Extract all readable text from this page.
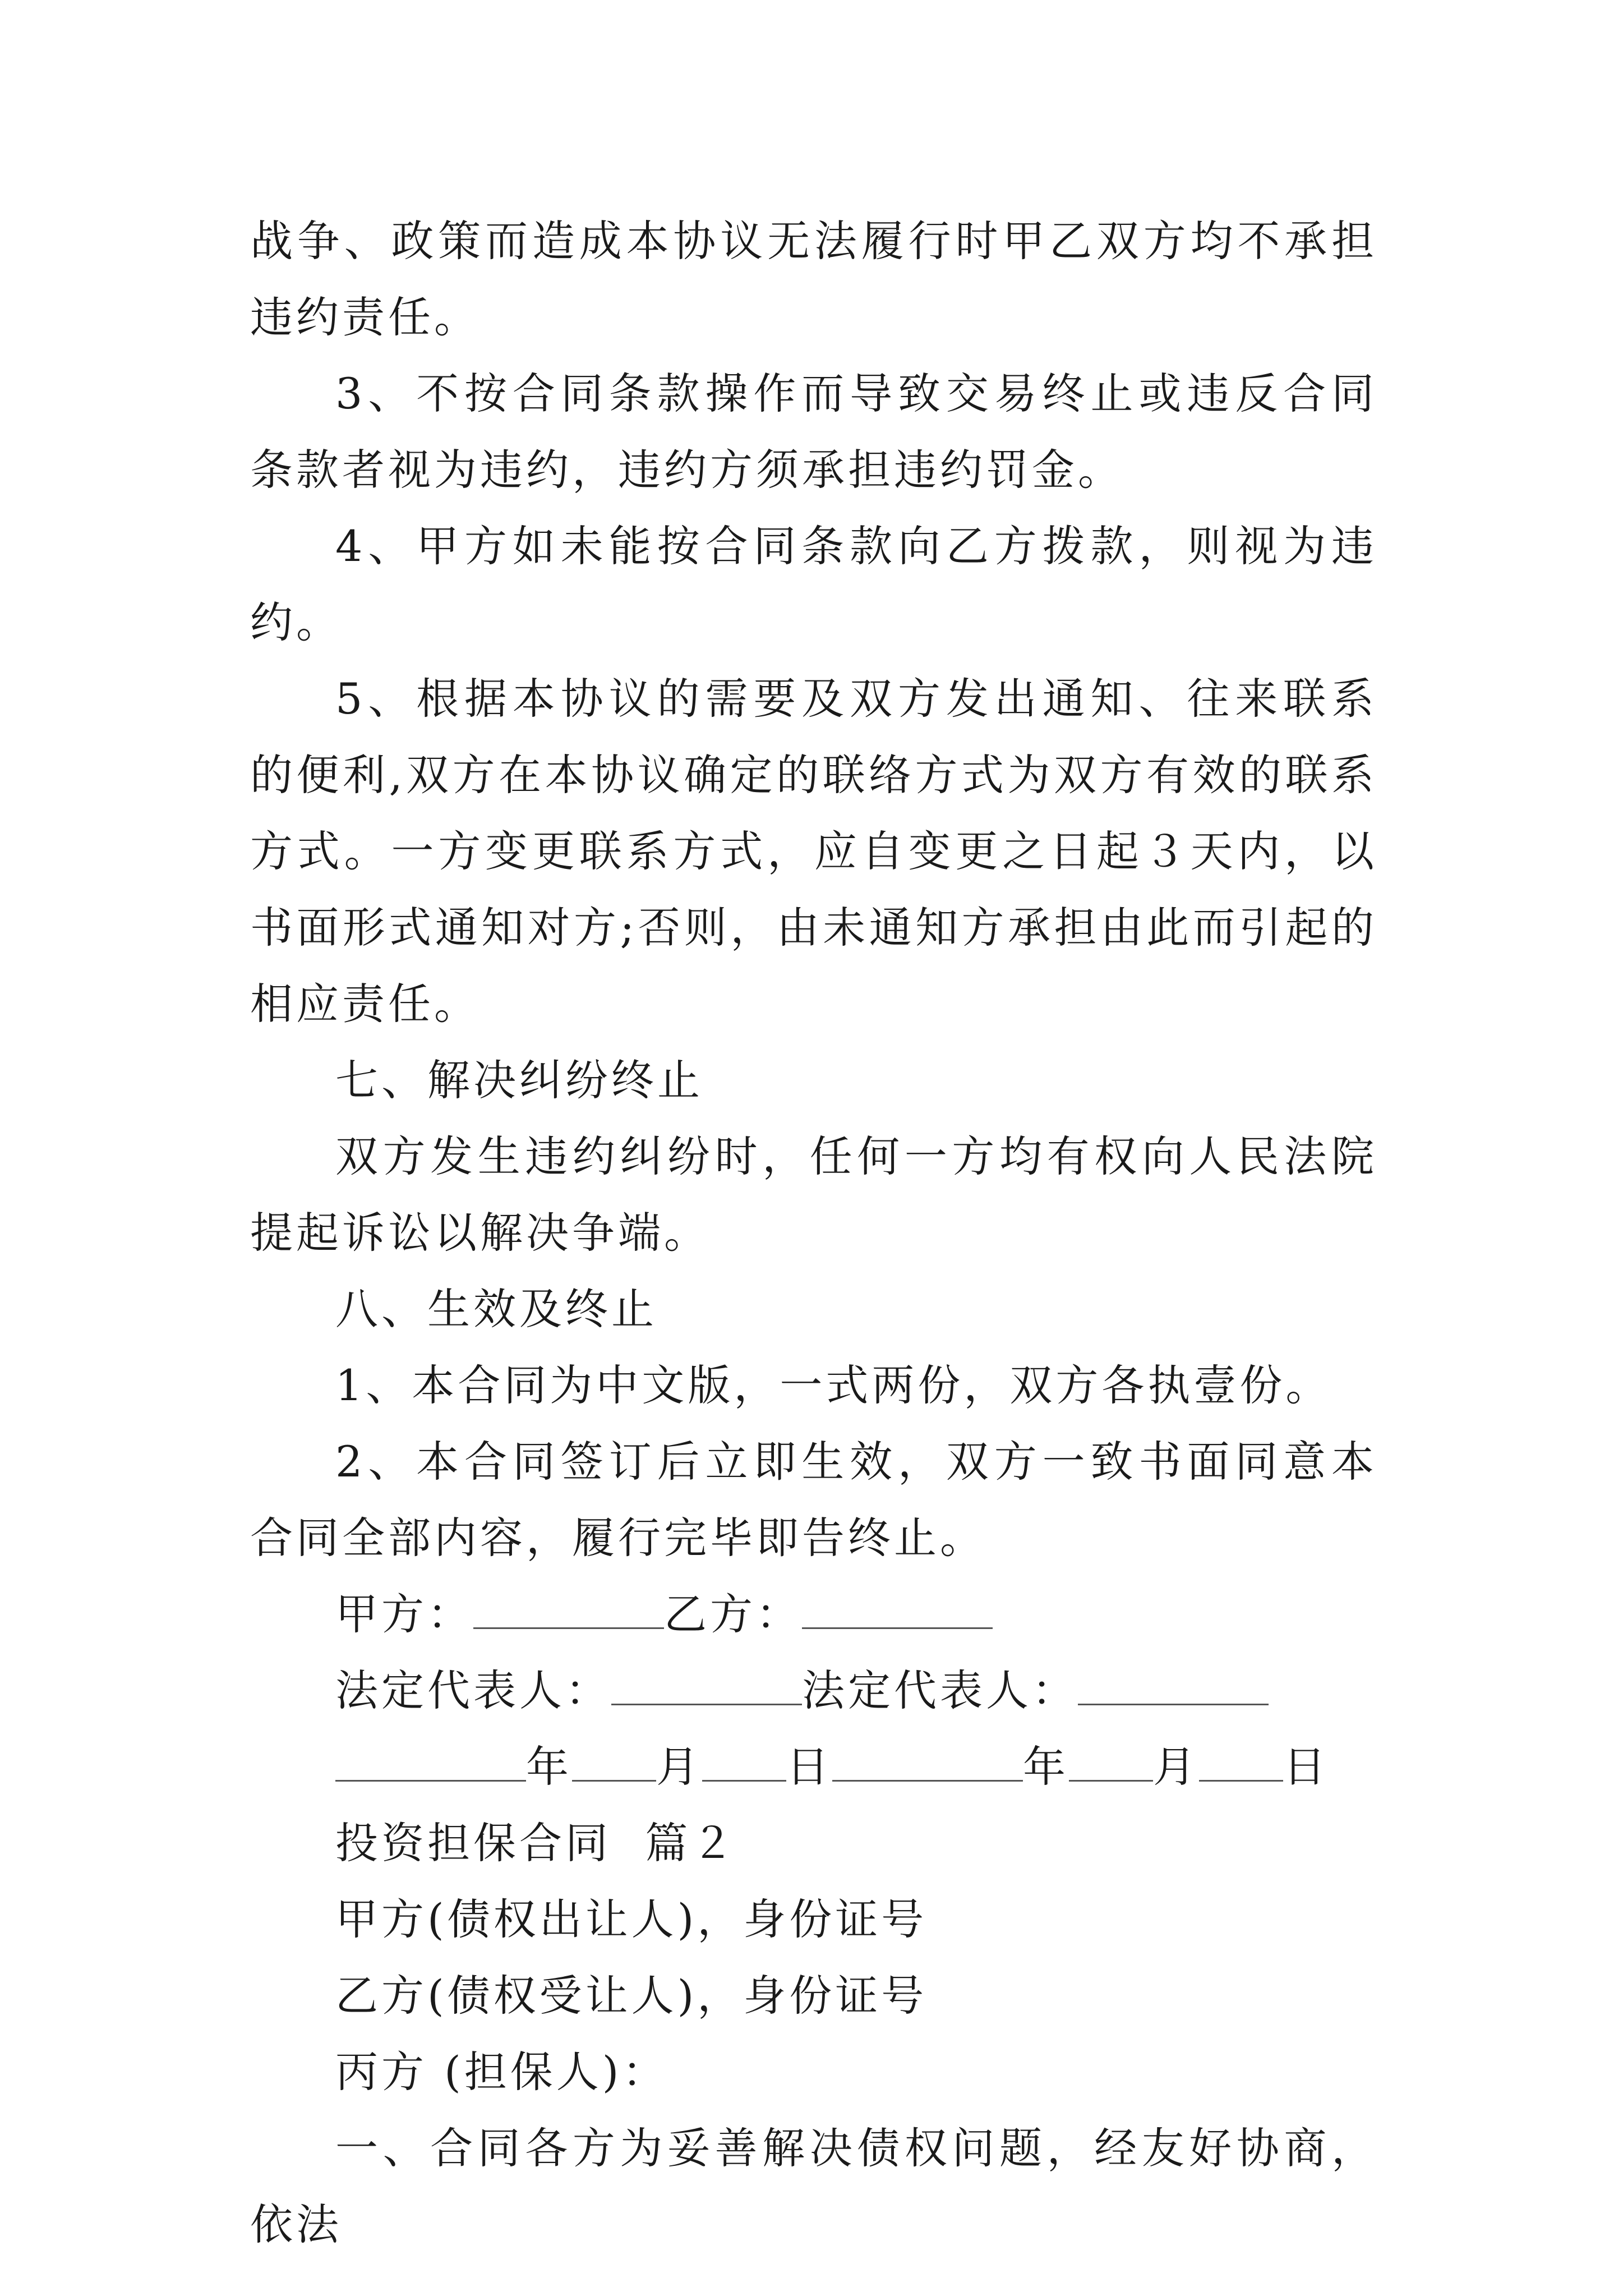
战争、政策而造成本协议无法履行时甲乙双方均不承担违约责任。

3、不按合同条款操作而导致交易终止或违反合同条款者视为违约，违约方须承担违约罚金。

4、甲方如未能按合同条款向乙方拨款，则视为违约。

5、根据本协议的需要及双方发出通知、往来联系的便利,双方在本协议确定的联络方式为双方有效的联系方式。一方变更联系方式，应自变更之日起３天内，以书面形式通知对方;否则，由未通知方承担由此而引起的相应责任。

七、解决纠纷终止

双方发生违约纠纷时，任何一方均有权向人民法院提起诉讼以解决争端。

八、生效及终止

1、本合同为中文版，一式两份，双方各执壹份。

2、本合同签订后立即生效，双方一致书面同意本合同全部内容，履行完毕即告终止。

甲方：	乙方：

法定代表人：	法定代表人：

年 月 日	年 月 日

投资担保合同  篇２

甲方(债权出让人)，身份证号

乙方(债权受让人)，身份证号

丙方 (担保人)：

一、合同各方为妥善解决债权问题，经友好协商，依法
